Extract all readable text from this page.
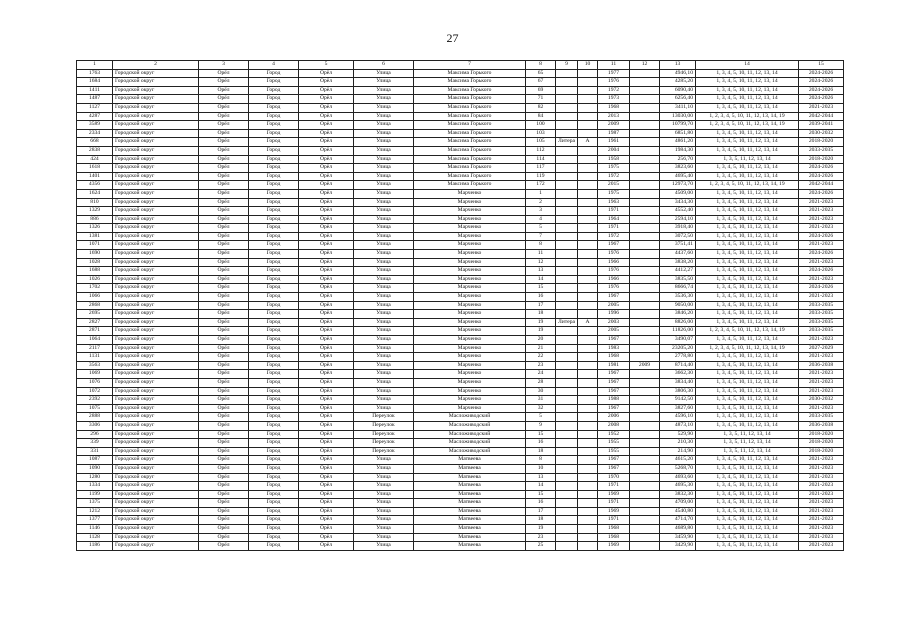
27
1	2	3	4	5	6	7	8	9	10	11	12	13	14	15
1763	Городской округ	Орёл	Город	Орёл	Улица	Максима Горького	65			1977		4946,10	1, 3, 4, 5, 10, 11, 12, 13, 14	2024-2026
1684	Городской округ	Орёл	Город	Орёл	Улица	Максима Горького	67			1976		4285,20	1, 3, 4, 5, 10, 11, 12, 13, 14	2024-2026
1411	Городской округ	Орёл	Город	Орёл	Улица	Максима Горького	69			1972		6090,40	1, 3, 4, 5, 10, 11, 12, 13, 14	2024-2026
1487	Городской округ	Орёл	Город	Орёл	Улица	Максима Горького	71			1973		6256,40	1, 3, 4, 5, 10, 11, 12, 13, 14	2024-2026
1127	Городской округ	Орёл	Город	Орёл	Улица	Максима Горького	82			1968		3411,10	1, 3, 4, 5, 10, 11, 12, 13, 14	2021-2023
4287	Городской округ	Орёл	Город	Орёл	Улица	Максима Горького	84			2013		13030,00	1, 2, 3, 4, 5, 10, 11, 12, 13, 14, 19	2042-2044
3589	Городской округ	Орёл	Город	Орёл	Улица	Максима Горького	100			2009		10799,70	1, 2, 3, 4, 5, 10, 11, 12, 13, 14, 19	2039-2041
2334	Городской округ	Орёл	Город	Орёл	Улица	Максима Горького	103			1987		6851,80	1, 3, 4, 5, 10, 11, 12, 13, 14	2030-2032
668	Городской округ	Орёл	Город	Орёл	Улица	Максима Горького	105	Литера	А	1961		4861,20	1, 3, 4, 5, 10, 11, 12, 13, 14	2018-2020
2838	Городской округ	Орёл	Город	Орёл	Улица	Максима Горького	112			2004		1984,30	1, 3, 4, 5, 10, 11, 12, 13, 14	2033-2035
424	Городской округ	Орёл	Город	Орёл	Улица	Максима Горького	114			1958		256,70	1, 3, 5, 11, 12, 13, 14	2018-2020
1618	Городской округ	Орёл	Город	Орёл	Улица	Максима Горького	117			1975		3823,60	1, 3, 4, 5, 10, 11, 12, 13, 14	2024-2026
1401	Городской округ	Орёл	Город	Орёл	Улица	Максима Горького	119			1972		4695,40	1, 3, 4, 5, 10, 11, 12, 13, 14	2024-2026
4356	Городской округ	Орёл	Город	Орёл	Улица	Максима Горького	172			2015		12973,70	1, 2, 3, 4, 5, 10, 11, 12, 13, 14, 19	2042-2044
1624	Городской округ	Орёл	Город	Орёл	Улица	Марченко	1			1975		4509,00	1, 3, 4, 5, 10, 11, 12, 13, 14	2024-2026
810	Городской округ	Орёл	Город	Орёл	Улица	Марченко	2			1963		3434,30	1, 3, 4, 5, 10, 11, 12, 13, 14	2021-2023
1329	Городской округ	Орёл	Город	Орёл	Улица	Марченко	3			1971		4552,40	1, 3, 4, 5, 10, 11, 12, 13, 14	2021-2023
886	Городской округ	Орёл	Город	Орёл	Улица	Марченко	4			1964		2594,10	1, 3, 4, 5, 10, 11, 12, 13, 14	2021-2023
1326	Городской округ	Орёл	Город	Орёл	Улица	Марченко	5			1971		3918,40	1, 3, 4, 5, 10, 11, 12, 13, 14	2021-2023
1381	Городской округ	Орёл	Город	Орёл	Улица	Марченко	7			1972		3072,50	1, 3, 4, 5, 10, 11, 12, 13, 14	2024-2026
1071	Городской округ	Орёл	Город	Орёл	Улица	Марченко	8			1967		3751,41	1, 3, 4, 5, 10, 11, 12, 13, 14	2021-2023
1690	Городской округ	Орёл	Город	Орёл	Улица	Марченко	11			1976		4437,60	1, 3, 4, 5, 10, 11, 12, 13, 14	2024-2026
1028	Городской округ	Орёл	Город	Орёл	Улица	Марченко	12			1966		3838,20	1, 3, 4, 5, 10, 11, 12, 13, 14	2021-2023
1688	Городской округ	Орёл	Город	Орёл	Улица	Марченко	13			1976		4412,27	1, 3, 4, 5, 10, 11, 12, 13, 14	2024-2026
1026	Городской округ	Орёл	Город	Орёл	Улица	Марченко	14			1966		3835,50	1, 3, 4, 5, 10, 11, 12, 13, 14	2021-2023
1702	Городской округ	Орёл	Город	Орёл	Улица	Марченко	15			1976		8666,74	1, 3, 4, 5, 10, 11, 12, 13, 14	2024-2026
1066	Городской округ	Орёл	Город	Орёл	Улица	Марченко	16			1967		3536,30	1, 3, 4, 5, 10, 11, 12, 13, 14	2021-2023
2868	Городской округ	Орёл	Город	Орёл	Улица	Марченко	17			2005		9050,00	1, 3, 4, 5, 10, 11, 12, 13, 14	2033-2035
2695	Городской округ	Орёл	Город	Орёл	Улица	Марченко	18			1996		3846,20	1, 3, 4, 5, 10, 11, 12, 13, 14	2033-2035
2827	Городской округ	Орёл	Город	Орёл	Улица	Марченко	19	Литера	А	2003		8826,00	1, 3, 4, 5, 10, 11, 12, 13, 14	2033-2035
2871	Городской округ	Орёл	Город	Орёл	Улица	Марченко	19			2005		11826,00	1, 2, 3, 4, 5, 10, 11, 12, 13, 14, 19	2033-2035
1064	Городской округ	Орёл	Город	Орёл	Улица	Марченко	20			1967		3490,07	1, 3, 4, 5, 10, 11, 12, 13, 14	2021-2023
2117	Городской округ	Орёл	Город	Орёл	Улица	Марченко	21			1983		23205,20	1, 2, 3, 4, 5, 10, 11, 12, 13, 14, 19	2027-2029
1131	Городской округ	Орёл	Город	Орёл	Улица	Марченко	22			1968		2778,80	1, 3, 4, 5, 10, 11, 12, 13, 14	2021-2023
3563	Городской округ	Орёл	Город	Орёл	Улица	Марченко	23			1981	2009	8714,40	1, 3, 4, 5, 10, 11, 12, 13, 14	2036-2038
1069	Городской округ	Орёл	Город	Орёл	Улица	Марченко	24			1967		3662,30	1, 3, 4, 5, 10, 11, 12, 13, 14	2021-2023
1076	Городской округ	Орёл	Город	Орёл	Улица	Марченко	28			1967		3834,40	1, 3, 4, 5, 10, 11, 12, 13, 14	2021-2023
1072	Городской округ	Орёл	Город	Орёл	Улица	Марченко	30			1967		3806,30	1, 3, 4, 5, 10, 11, 12, 13, 14	2021-2023
2392	Городской округ	Орёл	Город	Орёл	Улица	Марченко	31			1988		9142,50	1, 3, 4, 5, 10, 11, 12, 13, 14	2030-2032
1075	Городской округ	Орёл	Город	Орёл	Улица	Марченко	32			1967		3827,60	1, 3, 4, 5, 10, 11, 12, 13, 14	2021-2023
2888	Городской округ	Орёл	Город	Орёл	Переулок	Масложиводский	5			2006		4596,10	1, 3, 4, 5, 10, 11, 12, 13, 14	2033-2035
3306	Городской округ	Орёл	Город	Орёл	Переулок	Масложиводский	9			2008		4873,10	1, 3, 4, 5, 10, 11, 12, 13, 14	2036-2038
296	Городской округ	Орёл	Город	Орёл	Переулок	Масложиводский	15			1952		529,90	1, 3, 5, 11, 12, 13, 14	2018-2020
339	Городской округ	Орёл	Город	Орёл	Переулок	Масложиводский	16			1955		210,30	1, 3, 5, 11, 12, 13, 14	2018-2020
331	Городской округ	Орёл	Город	Орёл	Переулок	Масложиводский	18			1955		214,90	1, 3, 5, 11, 12, 13, 14	2018-2020
1087	Городской округ	Орёл	Город	Орёл	Улица	Матвеева	8			1967		4615,20	1, 3, 4, 5, 10, 11, 12, 13, 14	2021-2023
1090	Городской округ	Орёл	Город	Орёл	Улица	Матвеева	10			1967		5268,70	1, 3, 4, 5, 10, 11, 12, 13, 14	2021-2023
1280	Городской округ	Орёл	Город	Орёл	Улица	Матвеева	13			1970		4693,60	1, 3, 4, 5, 10, 11, 12, 13, 14	2021-2023
1334	Городской округ	Орёл	Город	Орёл	Улица	Матвеева	14			1971		4695,30	1, 3, 4, 5, 10, 11, 12, 13, 14	2021-2023
1199	Городской округ	Орёл	Город	Орёл	Улица	Матвеева	15			1969		3832,30	1, 3, 4, 5, 10, 11, 12, 13, 14	2021-2023
1375	Городской округ	Орёл	Город	Орёл	Улица	Матвеева	16			1971		4709,00	1, 3, 4, 5, 10, 11, 12, 13, 14	2021-2023
1212	Городской округ	Орёл	Город	Орёл	Улица	Матвеева	17			1969		4540,80	1, 3, 4, 5, 10, 11, 12, 13, 14	2021-2023
1377	Городской округ	Орёл	Город	Орёл	Улица	Матвеева	18			1971		4714,70	1, 3, 4, 5, 10, 11, 12, 13, 14	2021-2023
1146	Городской округ	Орёл	Город	Орёл	Улица	Матвеева	19			1968		4689,80	1, 3, 4, 5, 10, 11, 12, 13, 14	2021-2023
1128	Городской округ	Орёл	Город	Орёл	Улица	Матвеева	23			1968		3459,90	1, 3, 4, 5, 10, 11, 12, 13, 14	2021-2023
1186	Городской округ	Орёл	Город	Орёл	Улица	Матвеева	25			1969		3429,90	1, 3, 4, 5, 10, 11, 12, 13, 14	2021-2023
